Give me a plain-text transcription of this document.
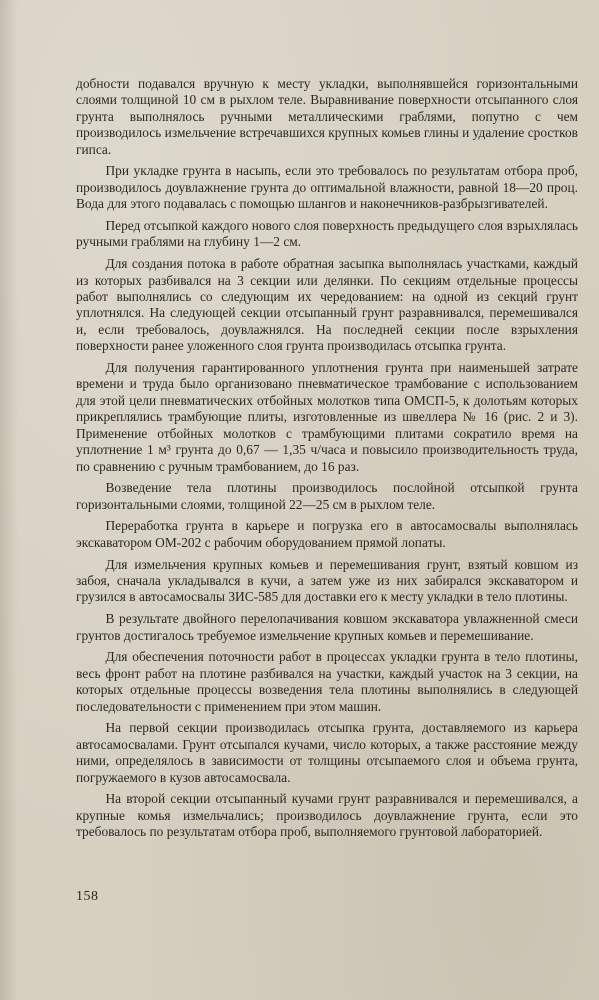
добности подавался вручную к месту укладки, выполнявшейся горизонтальными слоями толщиной 10 см в рыхлом теле. Выравнивание поверхности отсыпанного слоя грунта выполнялось ручными металлическими граблями, попутно с чем производилось измельчение встречавшихся крупных комьев глины и удаление сростков гипса.

При укладке грунта в насыпь, если это требовалось по результатам отбора проб, производилось доувлажнение грунта до оптимальной влажности, равной 18—20 проц. Вода для этого подавалась с помощью шлангов и наконечников-разбрызгивателей.

Перед отсыпкой каждого нового слоя поверхность предыдущего слоя взрыхлялась ручными граблями на глубину 1—2 см.

Для создания потока в работе обратная засыпка выполнялась участками, каждый из которых разбивался на 3 секции или делянки. По секциям отдельные процессы работ выполнялись со следующим их чередованием: на одной из секций грунт уплотнялся. На следующей секции отсыпанный грунт разравнивался, перемешивался и, если требовалось, доувлажнялся. На последней секции после взрыхления поверхности ранее уложенного слоя грунта производилась отсыпка грунта.

Для получения гарантированного уплотнения грунта при наименьшей затрате времени и труда было организовано пневматическое трамбование с использованием для этой цели пневматических отбойных молотков типа ОМСП-5, к долотьям которых прикреплялись трамбующие плиты, изготовленные из швеллера № 16 (рис. 2 и 3). Применение отбойных молотков с трамбующими плитами сократило время на уплотнение 1 м³ грунта до 0,67 — 1,35 ч/часа и повысило производительность труда, по сравнению с ручным трамбованием, до 16 раз.

Возведение тела плотины производилось послойной отсыпкой грунта горизонтальными слоями, толщиной 22—25 см в рыхлом теле.

Переработка грунта в карьере и погрузка его в автосамосвалы выполнялась экскаватором ОМ-202 с рабочим оборудованием прямой лопаты.

Для измельчения крупных комьев и перемешивания грунт, взятый ковшом из забоя, сначала укладывался в кучи, а затем уже из них забирался экскаватором и грузился в автосамосвалы ЗИС-585 для доставки его к месту укладки в тело плотины.

В результате двойного перелопачивания ковшом экскаватора увлажненной смеси грунтов достигалось требуемое измельчение крупных комьев и перемешивание.

Для обеспечения поточности работ в процессах укладки грунта в тело плотины, весь фронт работ на плотине разбивался на участки, каждый участок на 3 секции, на которых отдельные процессы возведения тела плотины выполнялись в следующей последовательности с применением при этом машин.

На первой секции производилась отсыпка грунта, доставляемого из карьера автосамосвалами. Грунт отсыпался кучами, число которых, а также расстояние между ними, определялось в зависимости от толщины отсыпаемого слоя и объема грунта, погружаемого в кузов автосамосвала.

На второй секции отсыпанный кучами грунт разравнивался и перемешивался, а крупные комья измельчались; производилось доувлажнение грунта, если это требовалось по результатам отбора проб, выполняемого грунтовой лабораторией.

158
